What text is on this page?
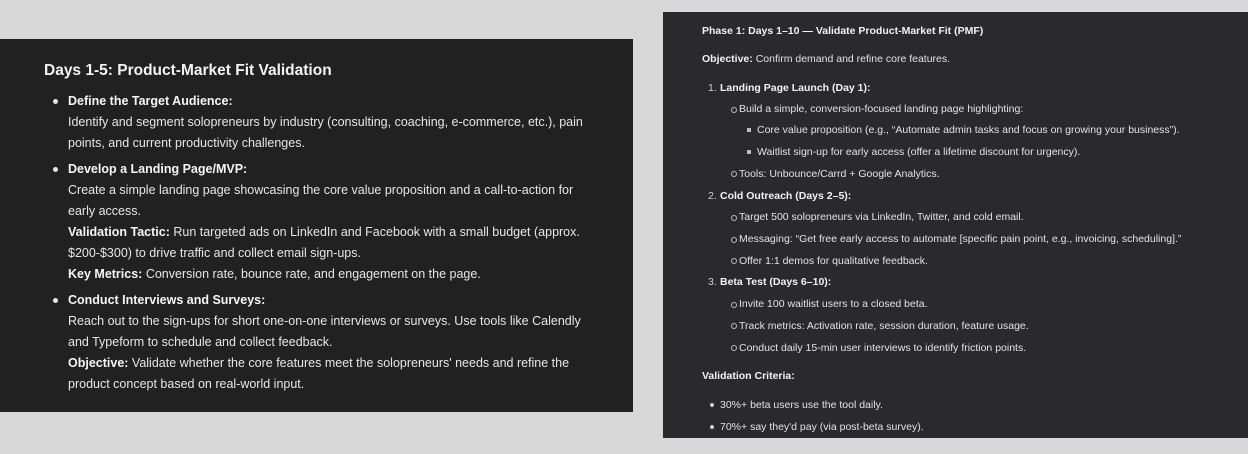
Days 1-5: Product-Market Fit Validation
Define the Target Audience:
Identify and segment solopreneurs by industry (consulting, coaching, e-commerce, etc.), pain
points, and current productivity challenges.
Develop a Landing Page/MVP:
Create a simple landing page showcasing the core value proposition and a call-to-action for
early access.
Validation Tactic: Run targeted ads on LinkedIn and Facebook with a small budget (approx.
$200-$300) to drive traffic and collect email sign-ups.
Key Metrics: Conversion rate, bounce rate, and engagement on the page.
Conduct Interviews and Surveys:
Reach out to the sign-ups for short one-on-one interviews or surveys. Use tools like Calendly
and Typeform to schedule and collect feedback.
Objective: Validate whether the core features meet the solopreneurs' needs and refine the
product concept based on real-world input.
Phase 1: Days 1–10 — Validate Product-Market Fit (PMF)
Objective: Confirm demand and refine core features.
1. Landing Page Launch (Day 1):
Build a simple, conversion-focused landing page highlighting:
Core value proposition (e.g., “Automate admin tasks and focus on growing your business”).
Waitlist sign-up for early access (offer a lifetime discount for urgency).
Tools: Unbounce/Carrd + Google Analytics.
2. Cold Outreach (Days 2–5):
Target 500 solopreneurs via LinkedIn, Twitter, and cold email.
Messaging: “Get free early access to automate [specific pain point, e.g., invoicing, scheduling].”
Offer 1:1 demos for qualitative feedback.
3. Beta Test (Days 6–10):
Invite 100 waitlist users to a closed beta.
Track metrics: Activation rate, session duration, feature usage.
Conduct daily 15-min user interviews to identify friction points.
Validation Criteria:
30%+ beta users use the tool daily.
70%+ say they'd pay (via post-beta survey).
